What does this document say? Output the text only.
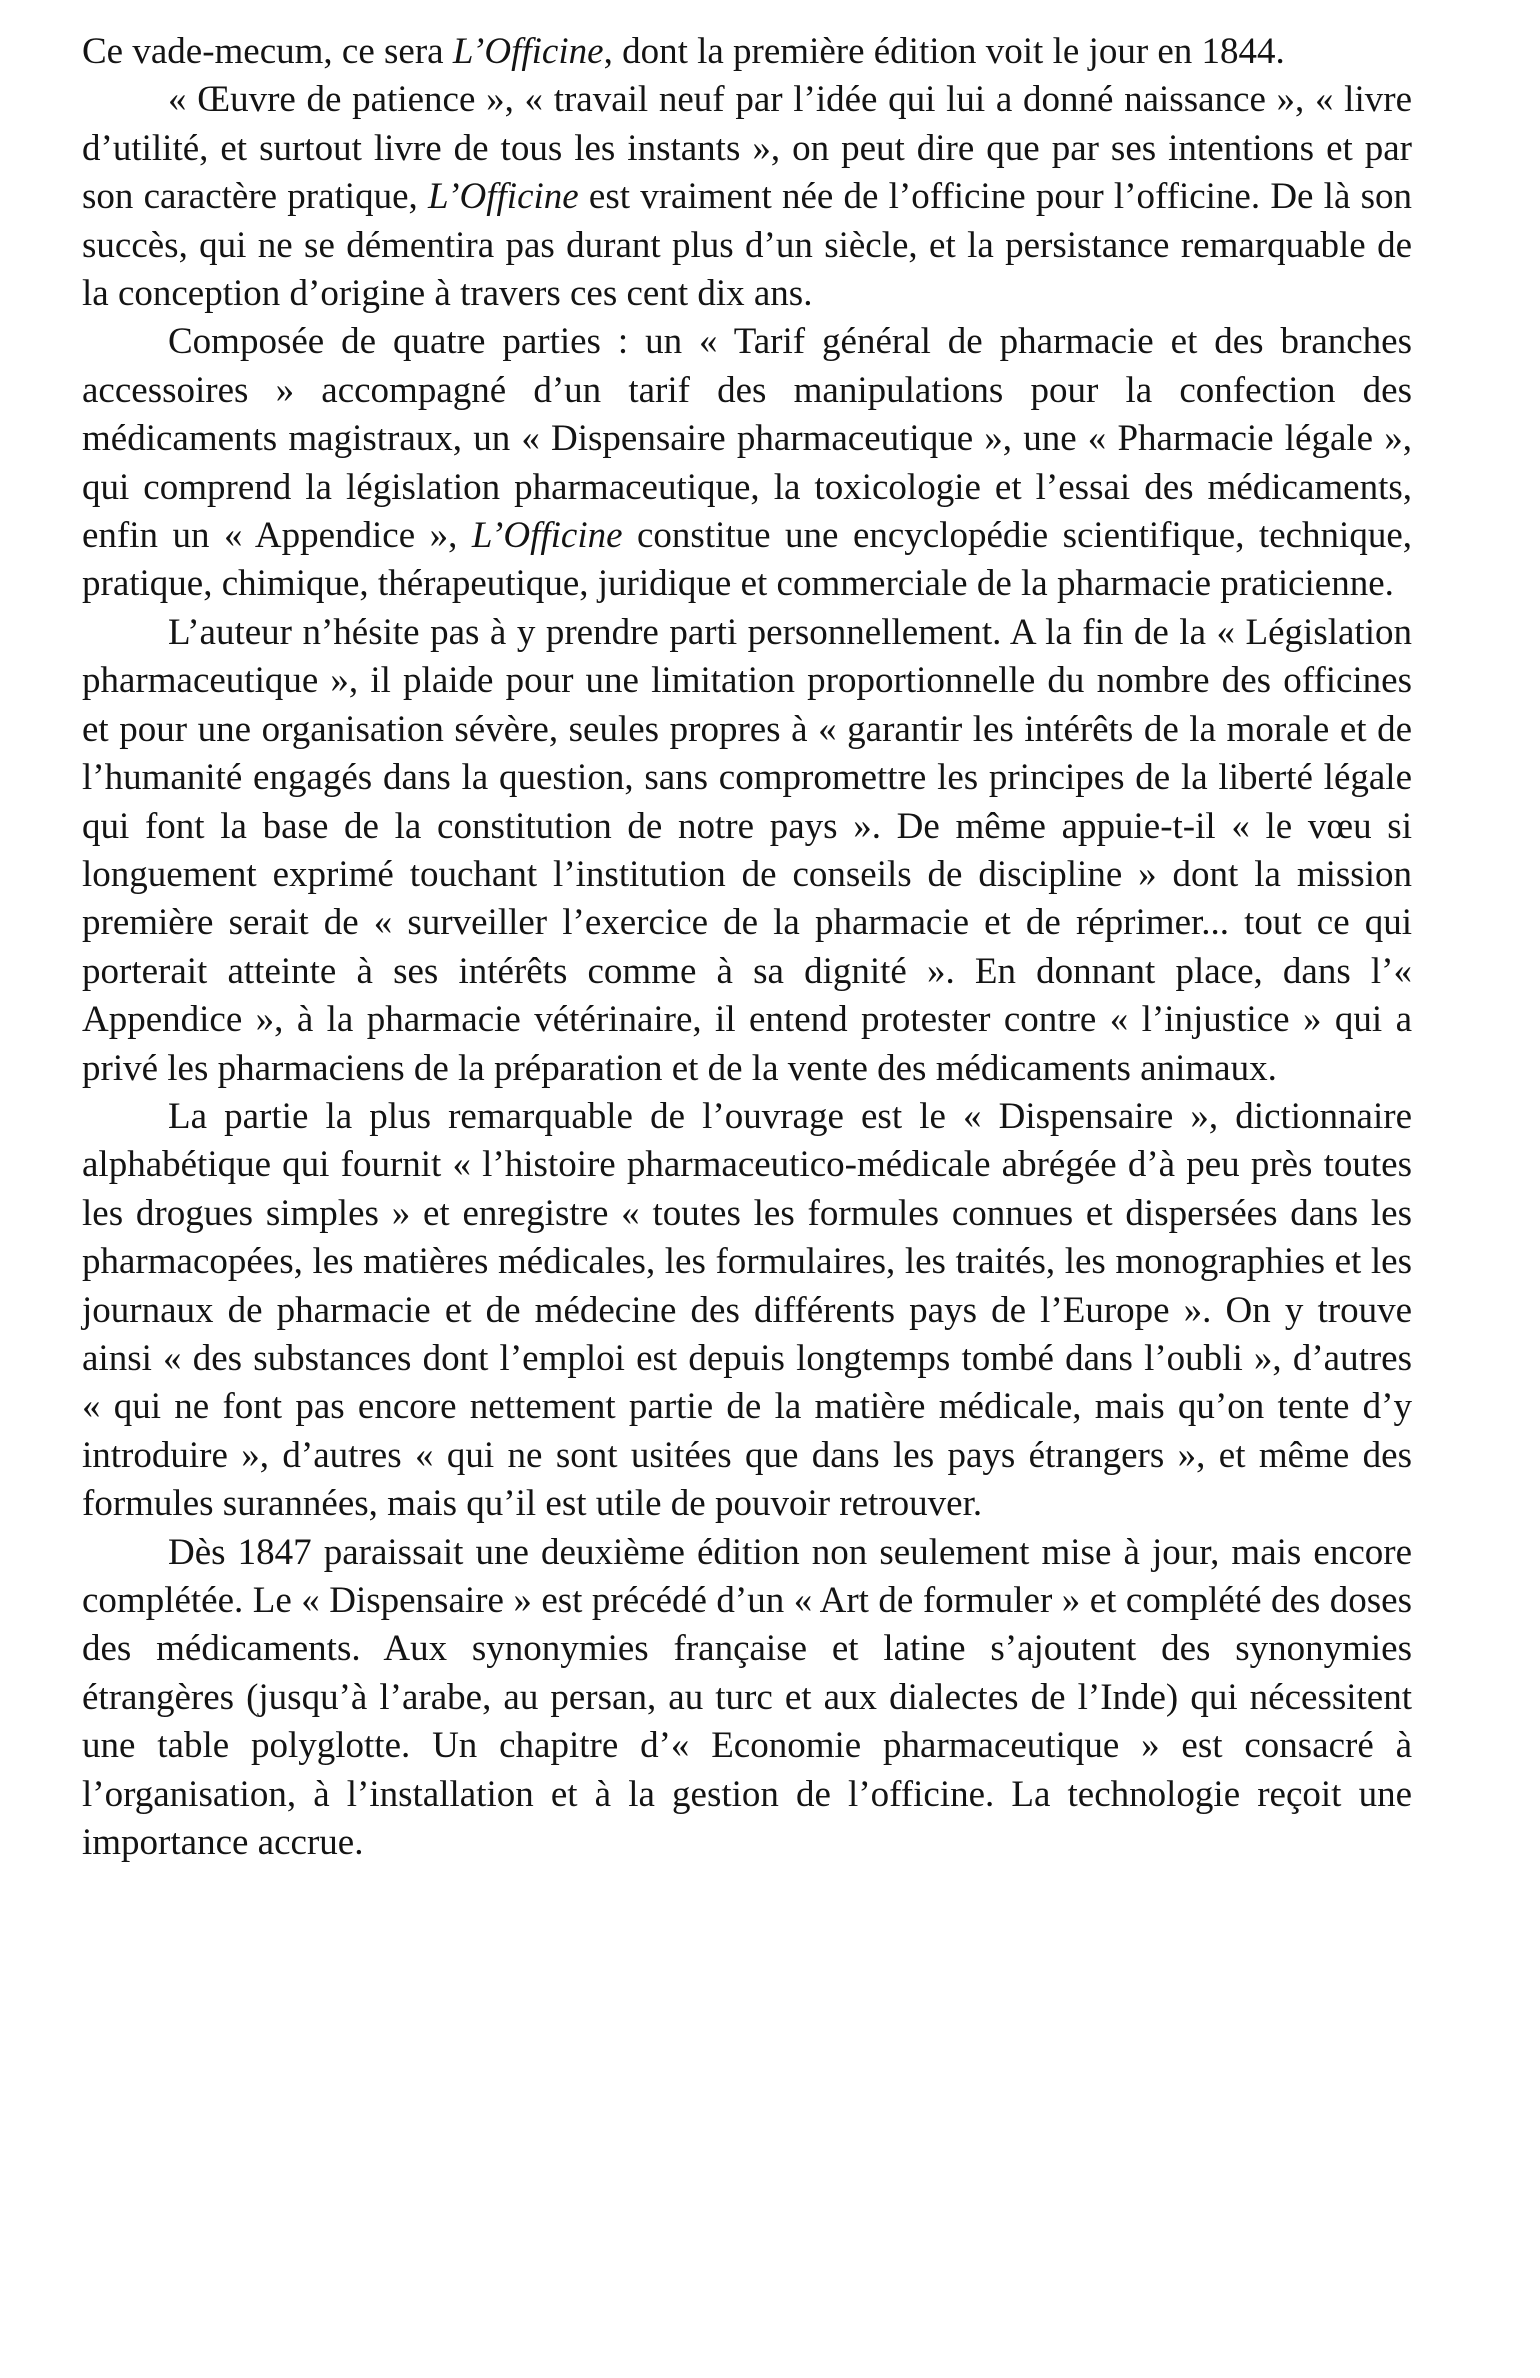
Ce vade-mecum, ce sera L’Officine, dont la première édition voit le jour en 1844.

« Œuvre de patience », « travail neuf par l’idée qui lui a donné naissance », « livre d’utilité, et surtout livre de tous les instants », on peut dire que par ses intentions et par son caractère pratique, L’Officine est vraiment née de l’officine pour l’officine. De là son succès, qui ne se démentira pas durant plus d’un siècle, et la persistance remarquable de la conception d’origine à travers ces cent dix ans.

Composée de quatre parties : un « Tarif général de pharmacie et des branches accessoires » accompagné d’un tarif des manipulations pour la confection des médicaments magistraux, un « Dispensaire pharmaceutique », une « Pharmacie légale », qui comprend la législation pharmaceutique, la toxicologie et l’essai des médicaments, enfin un « Appendice », L’Officine constitue une encyclopédie scientifique, technique, pratique, chimique, thérapeutique, juridique et commerciale de la pharmacie praticienne.

L’auteur n’hésite pas à y prendre parti personnellement. A la fin de la « Législation pharmaceutique », il plaide pour une limitation proportionnelle du nombre des officines et pour une organisation sévère, seules propres à « garantir les intérêts de la morale et de l’humanité engagés dans la question, sans compromettre les principes de la liberté légale qui font la base de la constitution de notre pays ». De même appuie-t-il « le vœu si longuement exprimé touchant l’institution de conseils de discipline » dont la mission première serait de « surveiller l’exercice de la pharmacie et de réprimer... tout ce qui porterait atteinte à ses intérêts comme à sa dignité ». En donnant place, dans l’« Appendice », à la pharmacie vétérinaire, il entend protester contre « l’injustice » qui a privé les pharmaciens de la préparation et de la vente des médicaments animaux.

La partie la plus remarquable de l’ouvrage est le « Dispensaire », dictionnaire alphabétique qui fournit « l’histoire pharmaceutico-médicale abrégée d’à peu près toutes les drogues simples » et enregistre « toutes les formules connues et dispersées dans les pharmacopées, les matières médicales, les formulaires, les traités, les monographies et les journaux de pharmacie et de médecine des différents pays de l’Europe ». On y trouve ainsi « des substances dont l’emploi est depuis longtemps tombé dans l’oubli », d’autres « qui ne font pas encore nettement partie de la matière médicale, mais qu’on tente d’y introduire », d’autres « qui ne sont usitées que dans les pays étrangers », et même des formules surannées, mais qu’il est utile de pouvoir retrouver.

Dès 1847 paraissait une deuxième édition non seulement mise à jour, mais encore complétée. Le « Dispensaire » est précédé d’un « Art de formuler » et complété des doses des médicaments. Aux synonymies française et latine s’ajoutent des synonymies étrangères (jusqu’à l’arabe, au persan, au turc et aux dialectes de l’Inde) qui nécessitent une table polyglotte. Un chapitre d’« Economie pharmaceutique » est consacré à l’organisation, à l’installation et à la gestion de l’officine. La technologie reçoit une importance accrue.
